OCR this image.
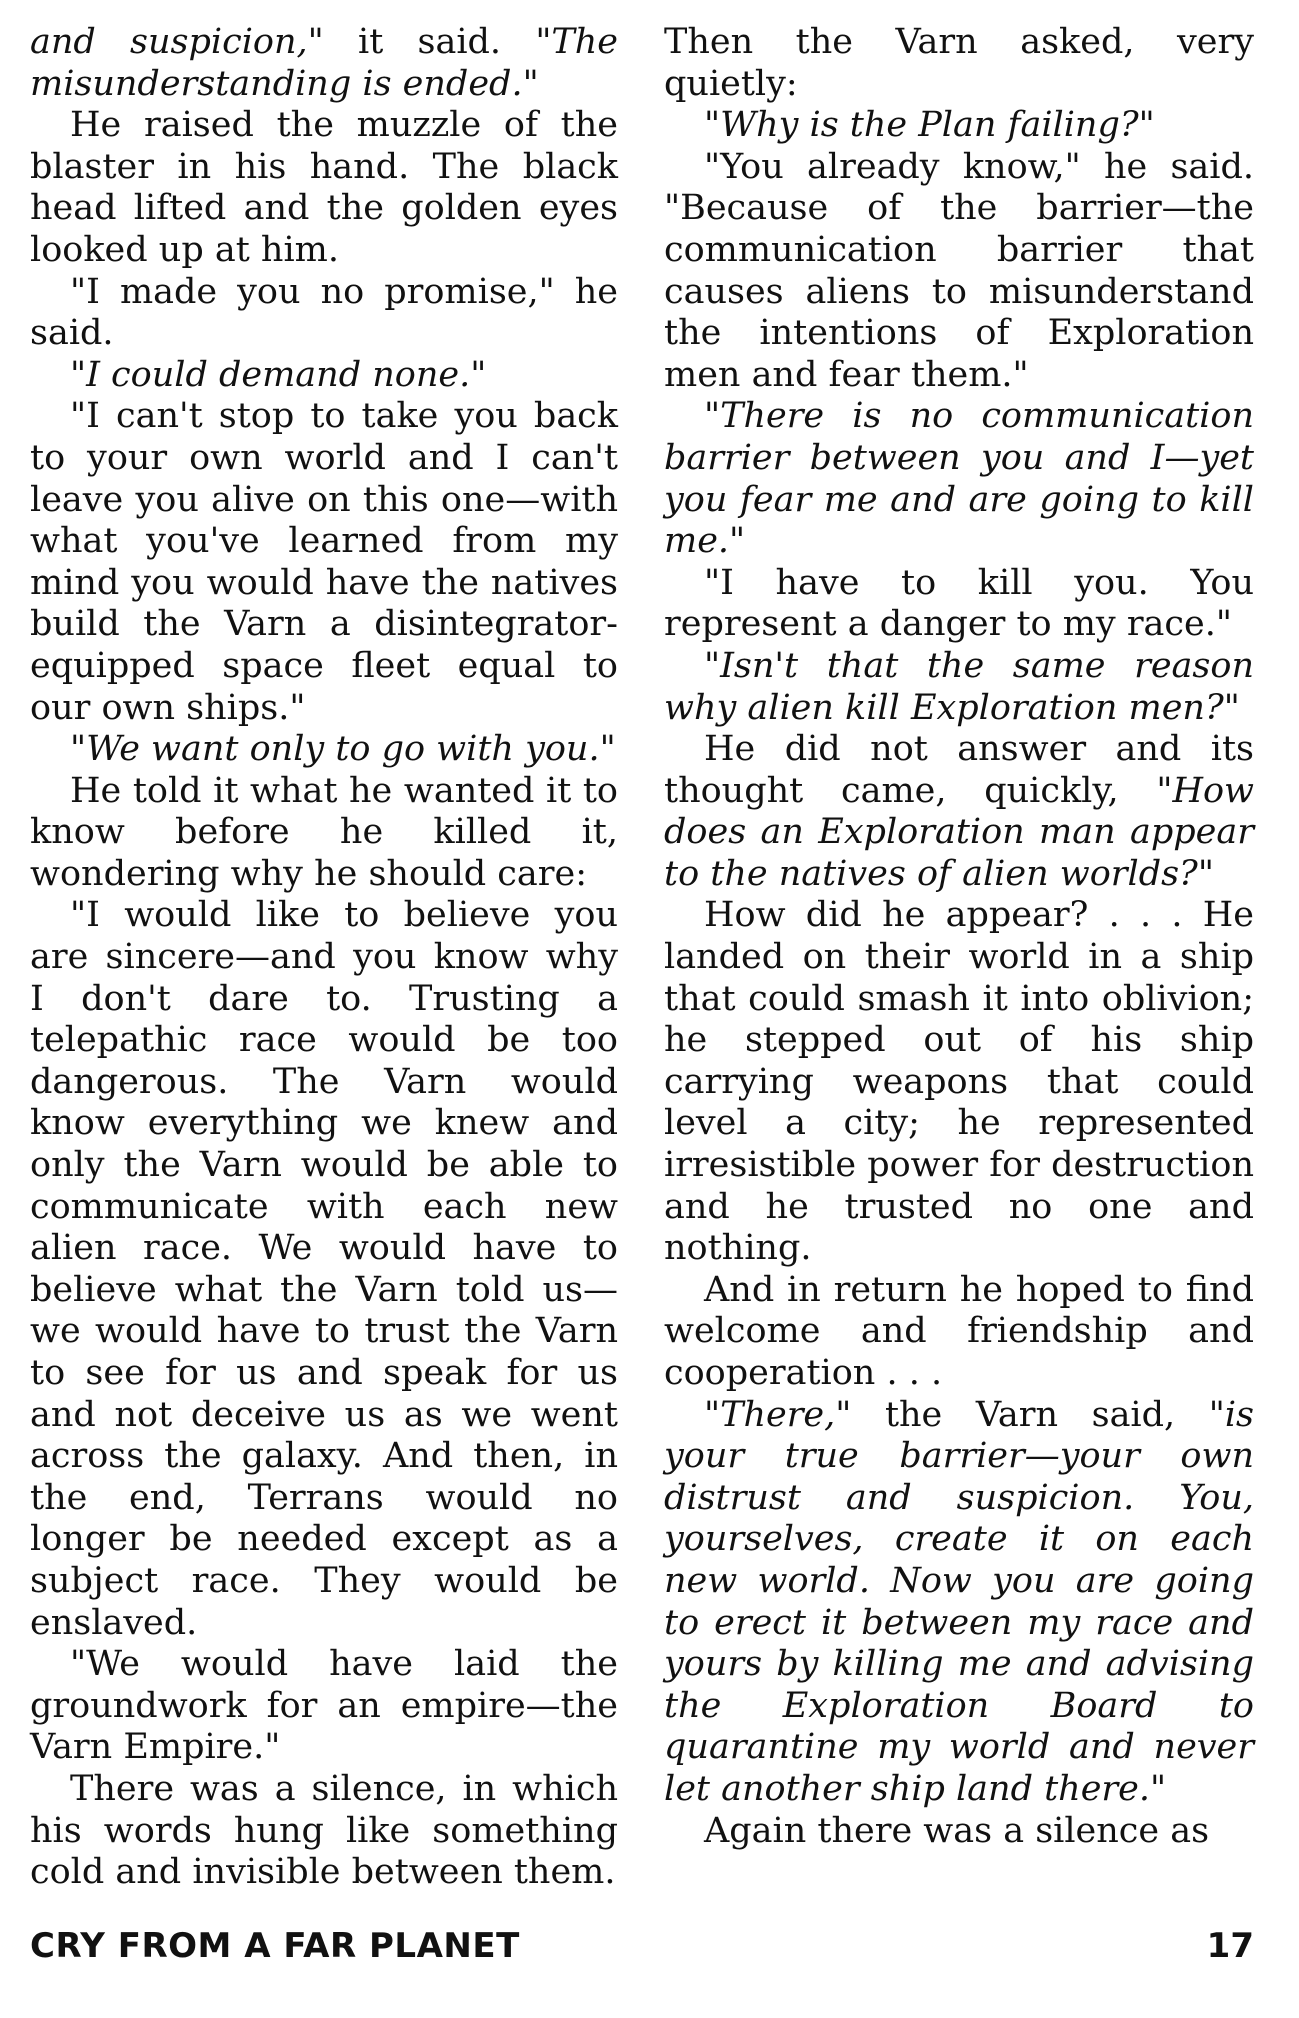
and suspicion," it said. "The misunderstanding is ended."

He raised the muzzle of the blaster in his hand. The black head lifted and the golden eyes looked up at him.

"I made you no promise," he said.

"I could demand none."

"I can't stop to take you back to your own world and I can't leave you alive on this one—with what you've learned from my mind you would have the natives build the Varn a disintegrator-equipped space fleet equal to our own ships."

"We want only to go with you."

He told it what he wanted it to know before he killed it, wondering why he should care:

"I would like to believe you are sincere—and you know why I don't dare to. Trusting a telepathic race would be too dangerous. The Varn would know everything we knew and only the Varn would be able to communicate with each new alien race. We would have to believe what the Varn told us—we would have to trust the Varn to see for us and speak for us and not deceive us as we went across the galaxy. And then, in the end, Terrans would no longer be needed except as a subject race. They would be enslaved.

"We would have laid the groundwork for an empire—the Varn Empire."

There was a silence, in which his words hung like something cold and invisible between them.

Then the Varn asked, very quietly:

"Why is the Plan failing?"

"You already know," he said. "Because of the barrier—the communication barrier that causes aliens to misunderstand the intentions of Exploration men and fear them."

"There is no communication barrier between you and I—yet you fear me and are going to kill me."

"I have to kill you. You represent a danger to my race."

"Isn't that the same reason why alien kill Exploration men?"

He did not answer and its thought came, quickly, "How does an Exploration man appear to the natives of alien worlds?"

How did he appear? . . . He landed on their world in a ship that could smash it into oblivion; he stepped out of his ship carrying weapons that could level a city; he represented irresistible power for destruction and he trusted no one and nothing.

And in return he hoped to find welcome and friendship and cooperation . . .

"There," the Varn said, "is your true barrier—your own distrust and suspicion. You, yourselves, create it on each new world. Now you are going to erect it between my race and yours by killing me and advising the Exploration Board to quarantine my world and never let another ship land there."

Again there was a silence as

CRY FROM A FAR PLANET	17
